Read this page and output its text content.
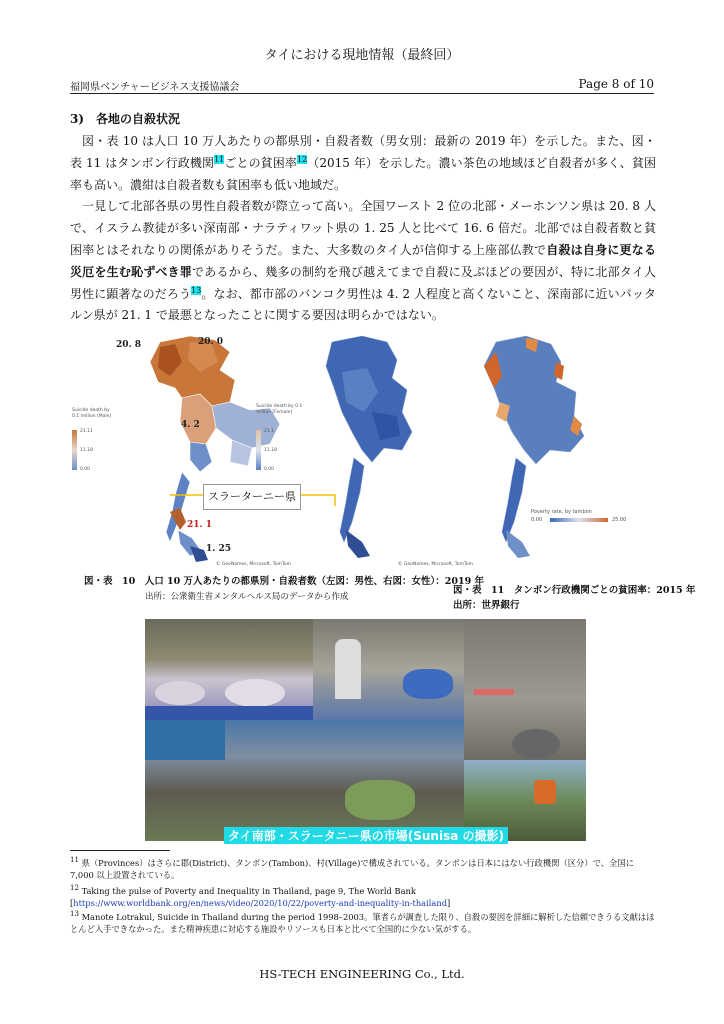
タイにおける現地情報（最終回）
福岡県ベンチャービジネス支援協議会	Page 8 of 10
3)　各地の自殺状況

図・表 10 は人口 10 万人あたりの都県別・自殺者数（男女別：最新の 2019 年）を示した。また、図・表 11 はタンボン行政機関$^{11}$ごとの貧困率$^{12}$（2015 年）を示した。濃い茶色の地域ほど自殺者が多く、貧困率も高い。濃紺は自殺者数も貧困率も低い地域だ。

一見して北部各県の男性自殺者数が際立って高い。全国ワースト 2 位の北部・メーホンソン県は 20. 8 人で、イスラム教徒が多い深南部・ナラティワット県の 1. 25 人と比べて 16. 6 倍だ。北部では自殺者数と貧困率とはそれなりの関係がありそうだ。また、大多数のタイ人が信仰する上座部仏教で自殺は自身に更なる災厄を生む恥ずべき罪であるから、幾多の制約を飛び越えてまで自殺に及ぶほどの要因が、特に北部タイ人男性に顕著なのだろう$^{13}$。なお、都市部のバンコク男性は 4. 2 人程度と高くないこと、深南部に近いパッタルン県が 21. 1 で最悪となったことに関する要因は明らかではない。

20. 8	20. 0
4. 2
21. 1
1. 25
Suicide death by 0.1 million (Male)
21.11
11.18
0.00
© GeoNames, Microsoft, TomTom
Suicide death by 0.1 million [Female]
21.1
11.18
0.00
© GeoNames, Microsoft, TomTom
スラーターニー県
Poverty rate, by tambon
0.00	25.00
図・表　10　人口 10 万人あたりの都県別・自殺者数（左図：男性、右図：女性）：2019 年
出所：公衆衛生省メンタルヘルス局のデータから作成
図・表　11　タンボン行政機関ごとの貧困率：2015 年
出所：世界銀行
タイ南部・スラータニー県の市場(Sunisa の撮影)
$^{11}$ 県（Provinces）はさらに郡(District)、タンボン(Tambon)、村(Village)で構成されている。タンボンは日本にはない行政機関（区分）で、全国に 7,000 以上設置されている。
$^{12}$ Taking the pulse of Poverty and Inequality in Thailand, page 9, The World Bank
[https://www.worldbank.org/en/news/video/2020/10/22/poverty-and-inequality-in-thailand]
$^{13}$ Manote Lotrakul, Suicide in Thailand during the period 1998–2003。筆者らが調査した限り、自殺の要因を詳細に解析した信頼できうる文献はほとんど入手できなかった。また精神疾患に対応する施設やリソースも日本と比べて全国的に少ない気がする。
HS-TECH ENGINEERING Co., Ltd.
